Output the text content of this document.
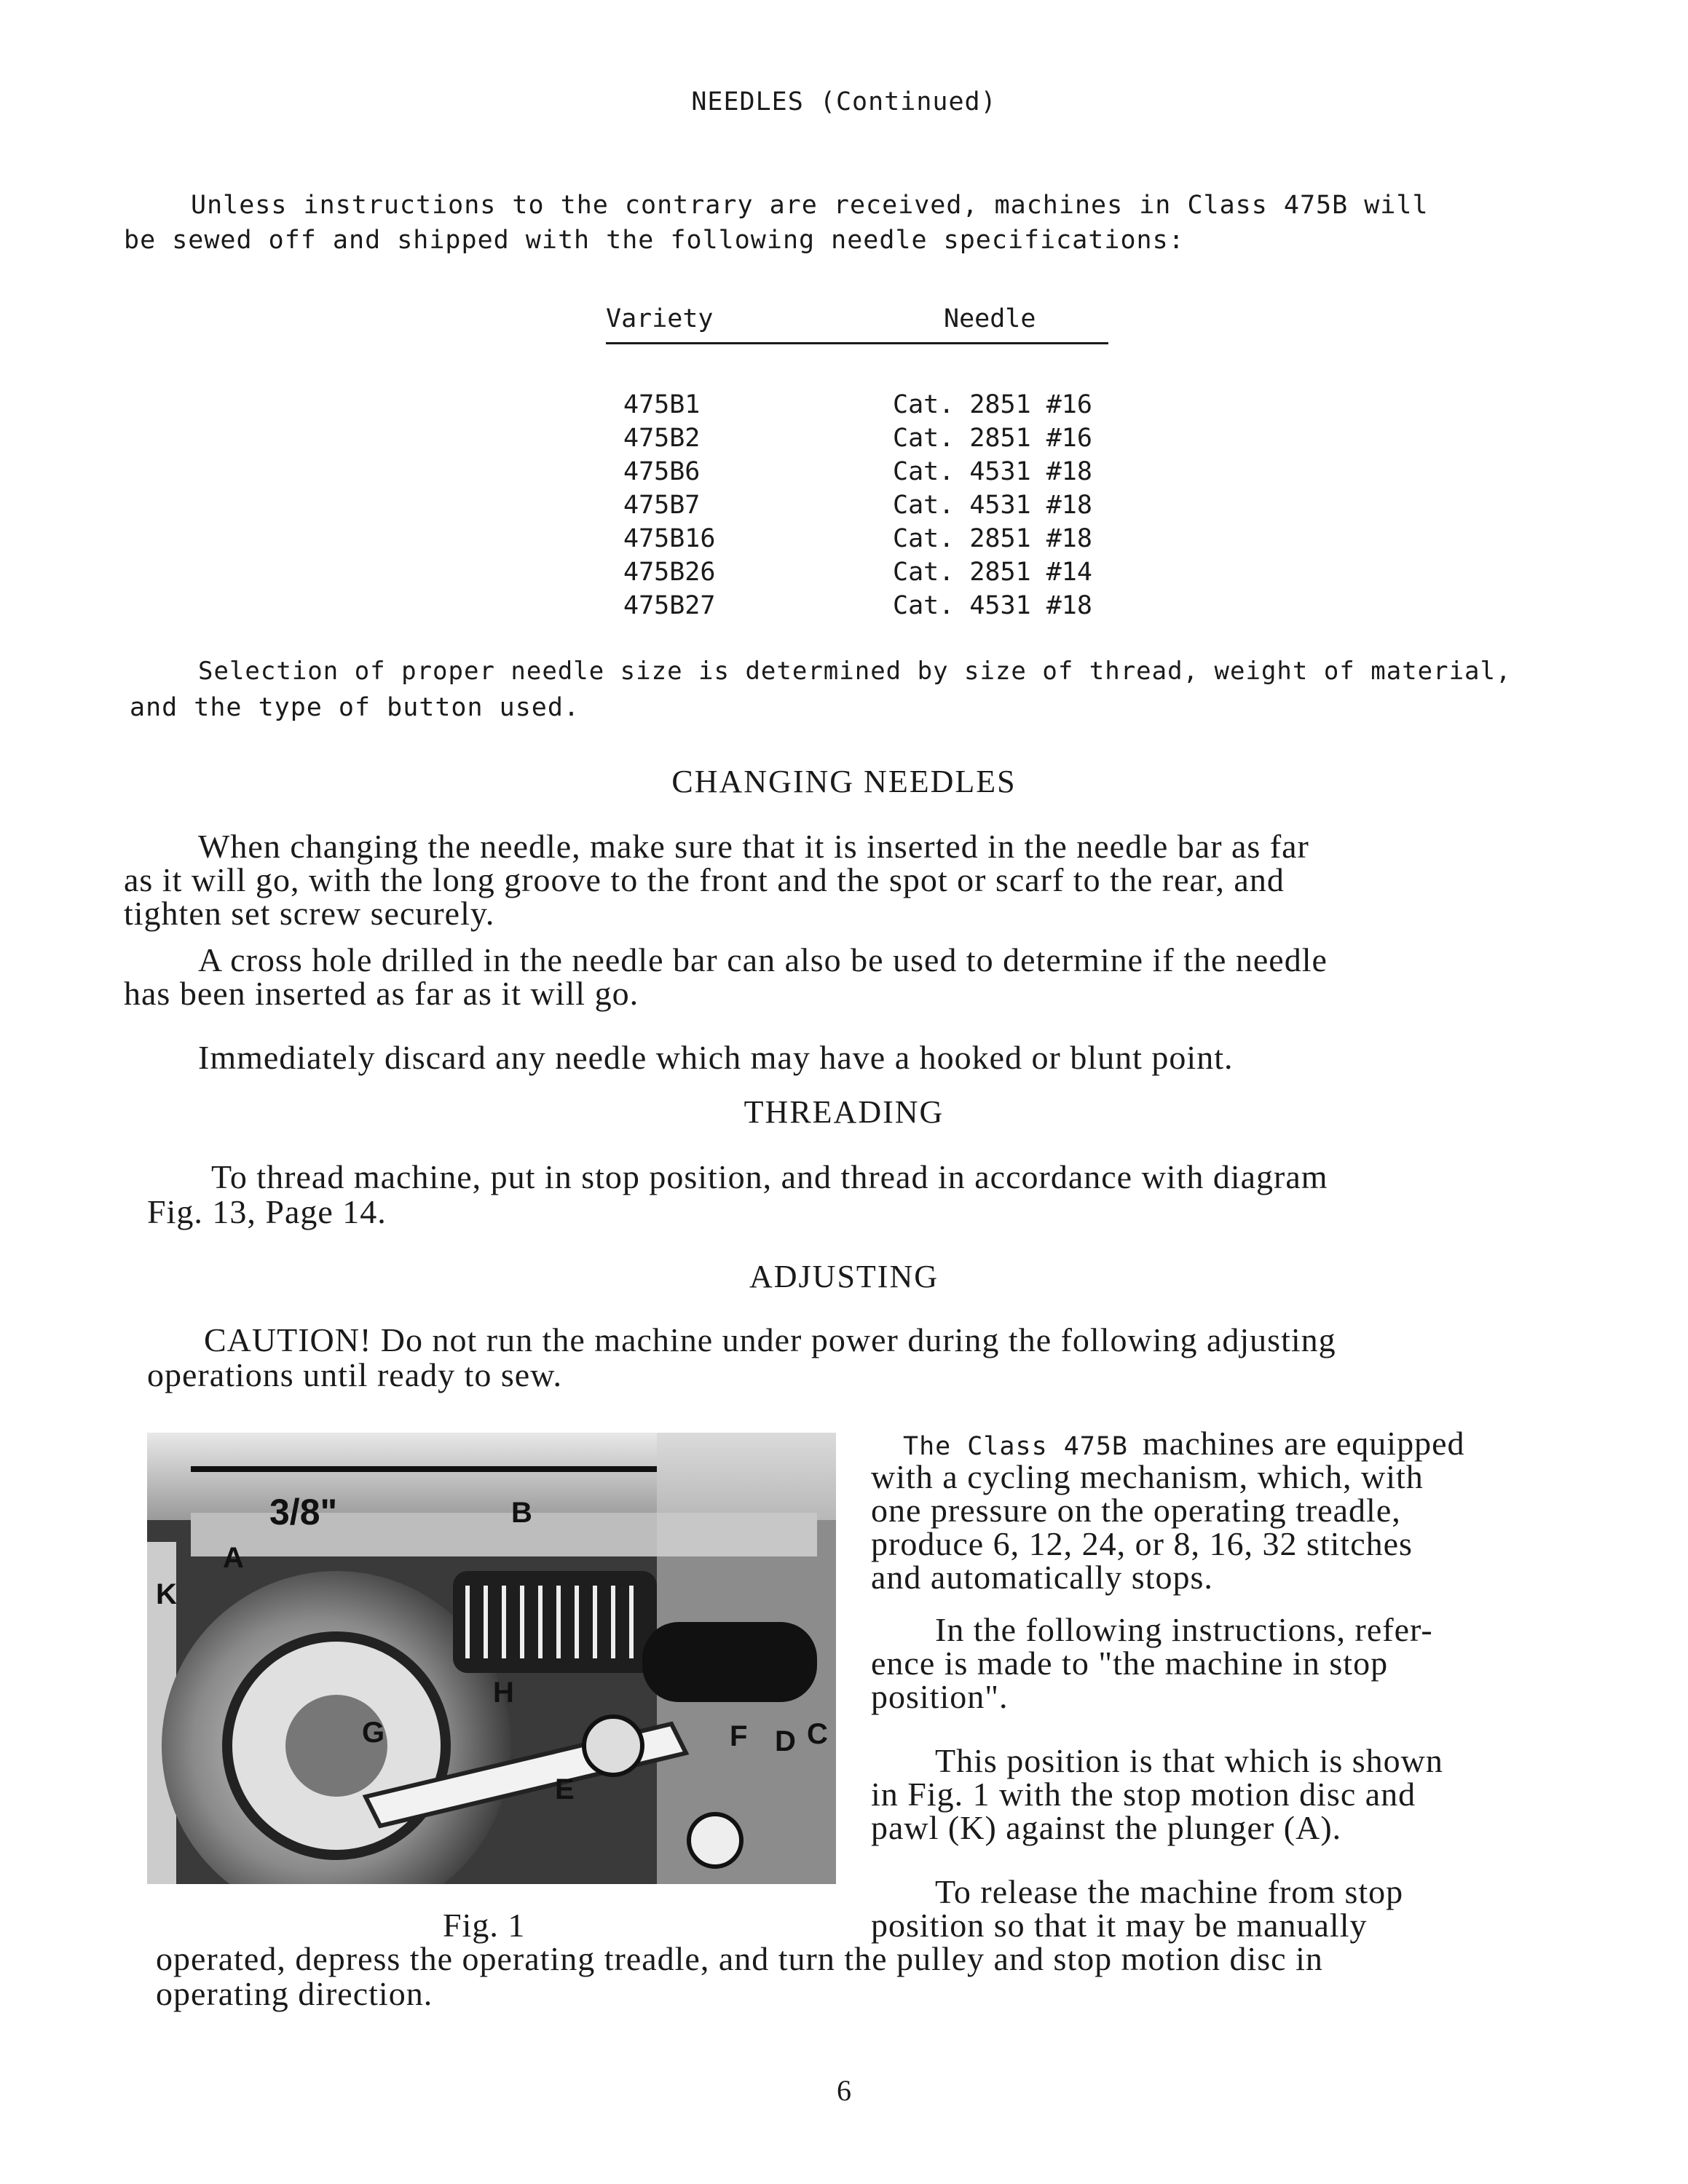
NEEDLES (Continued)
Unless instructions to the contrary are received, machines in Class 475B will
be sewed off and shipped with the following needle specifications:
Variety	Needle
475B1	Cat. 2851 #16
475B2	Cat. 2851 #16
475B6	Cat. 4531 #18
475B7	Cat. 4531 #18
475B16	Cat. 2851 #18
475B26	Cat. 2851 #14
475B27	Cat. 4531 #18
Selection of proper needle size is determined by size of thread, weight of material,
and the type of button used.
CHANGING NEEDLES
When changing the needle, make sure that it is inserted in the needle bar as far
as it will go, with the long groove to the front and the spot or scarf to the rear, and
tighten set screw securely.
A cross hole drilled in the needle bar can also be used to determine if the needle
has been inserted as far as it will go.
Immediately discard any needle which may have a hooked or blunt point.
THREADING
To thread machine, put in stop position, and thread in accordance with diagram
Fig. 13, Page 14.
ADJUSTING
CAUTION! Do not run the machine under power during the following adjusting
operations until ready to sew.
3/8"	B
A
K
H
G	F D C
E
Fig. 1
The Class 475B machines are equipped
with a cycling mechanism, which, with
one pressure on the operating treadle,
produce 6, 12, 24, or 8, 16, 32 stitches
and automatically stops.
In the following instructions, refer-
ence is made to "the machine in stop
position".
This position is that which is shown
in Fig. 1 with the stop motion disc and
pawl (K) against the plunger (A).
To release the machine from stop
position so that it may be manually
operated, depress the operating treadle, and turn the pulley and stop motion disc in
operating direction.
6
